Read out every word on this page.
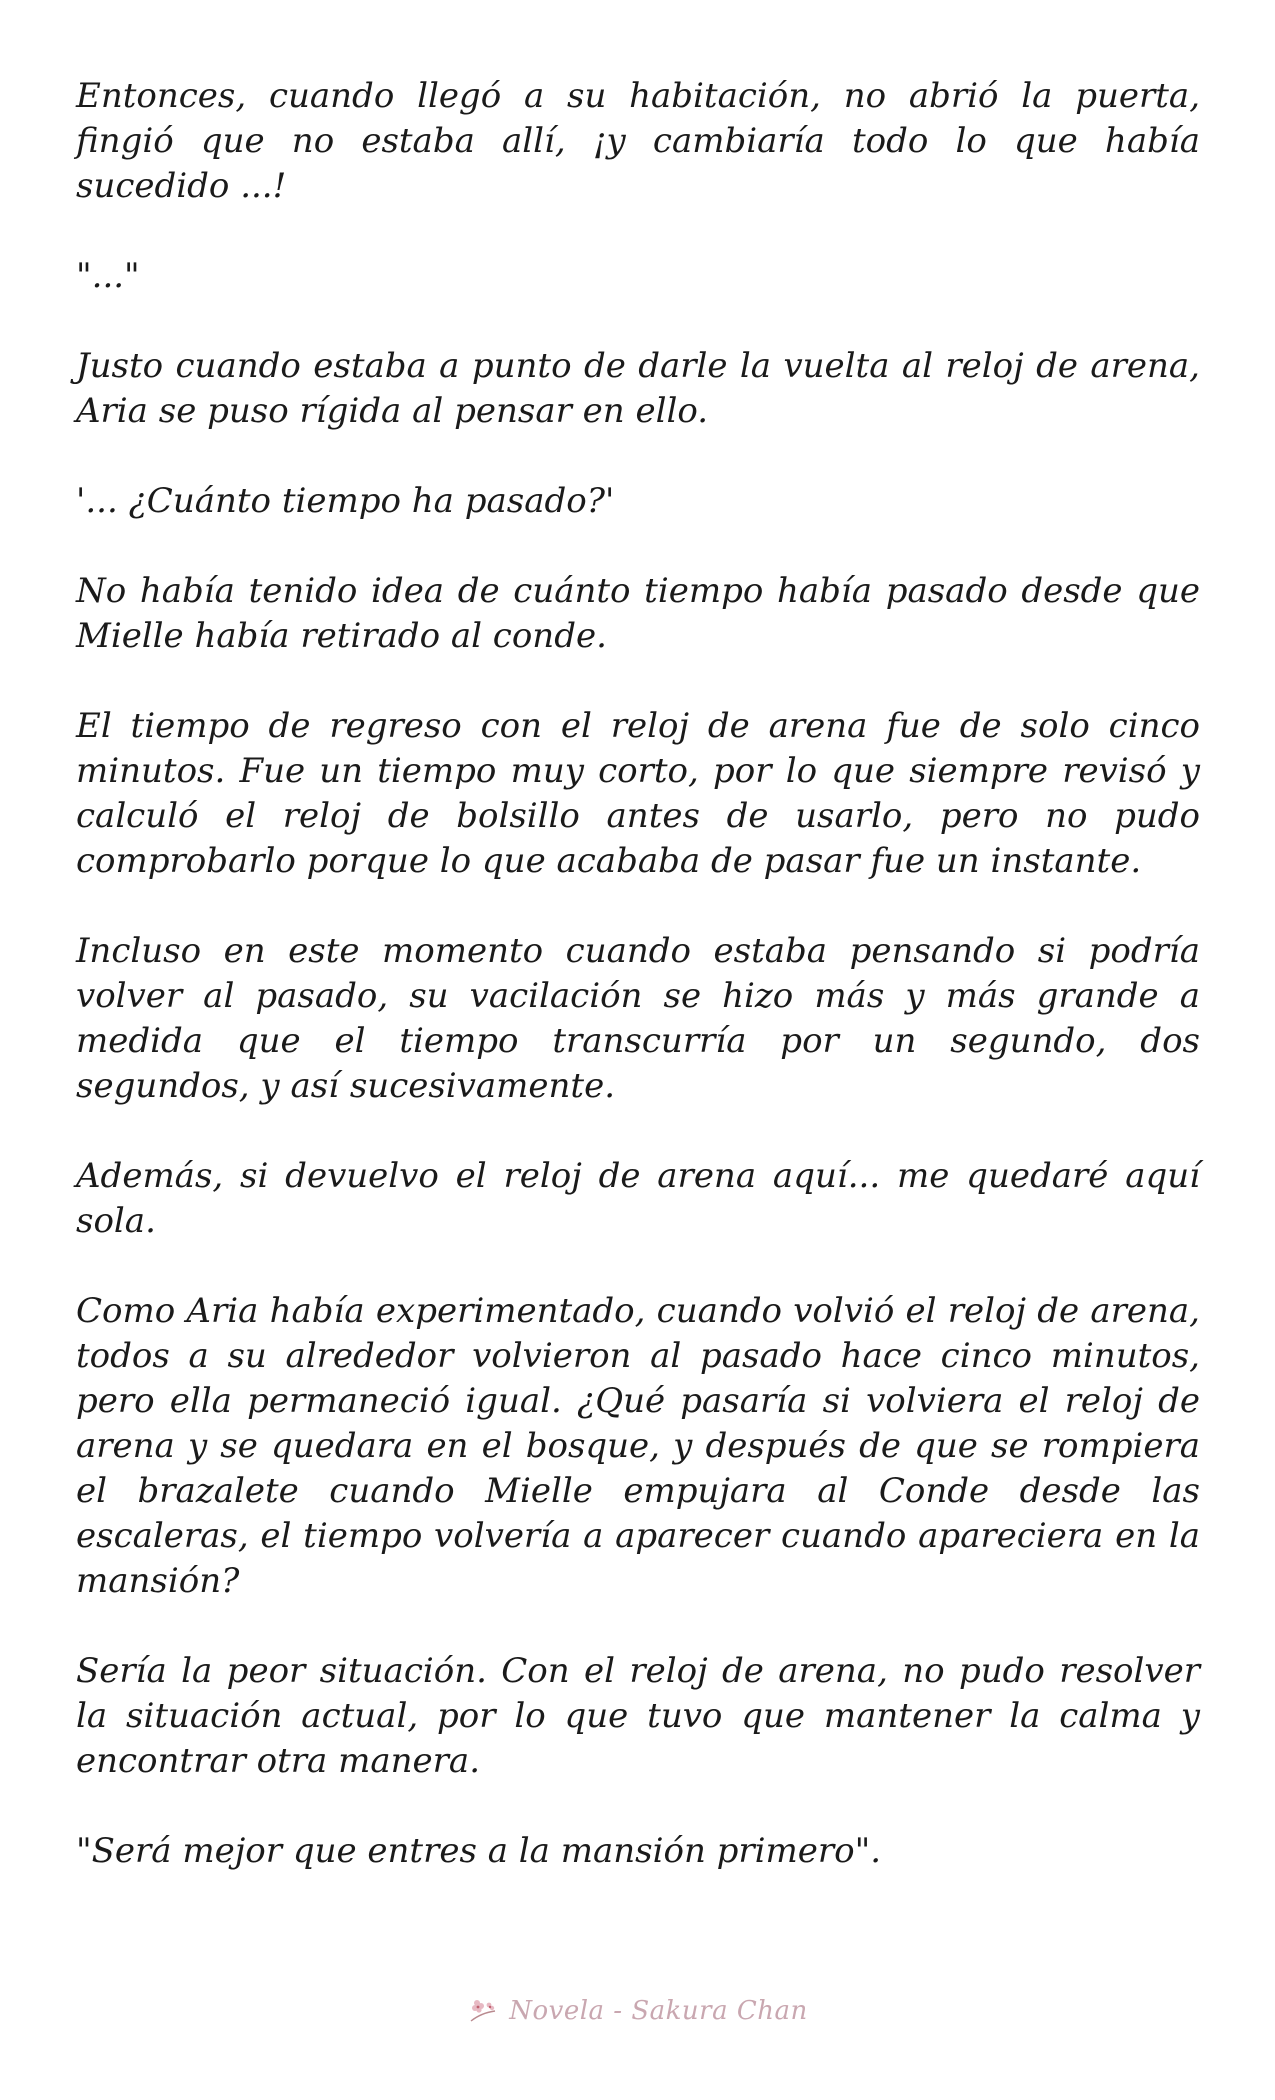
Entonces, cuando llegó a su habitación, no abrió la puerta, fingió que no estaba allí, ¡y cambiaría todo lo que había sucedido ...!

"..."

Justo cuando estaba a punto de darle la vuelta al reloj de arena, Aria se puso rígida al pensar en ello.

'... ¿Cuánto tiempo ha pasado?'

No había tenido idea de cuánto tiempo había pasado desde que Mielle había retirado al conde.

El tiempo de regreso con el reloj de arena fue de solo cinco minutos. Fue un tiempo muy corto, por lo que siempre revisó y calculó el reloj de bolsillo antes de usarlo, pero no pudo comprobarlo porque lo que acababa de pasar fue un instante.

Incluso en este momento cuando estaba pensando si podría volver al pasado, su vacilación se hizo más y más grande a medida que el tiempo transcurría por un segundo, dos segundos, y así sucesivamente.

Además, si devuelvo el reloj de arena aquí... me quedaré aquí sola.

Como Aria había experimentado, cuando volvió el reloj de arena, todos a su alrededor volvieron al pasado hace cinco minutos, pero ella permaneció igual. ¿Qué pasaría si volviera el reloj de arena y se quedara en el bosque, y después de que se rompiera el brazalete cuando Mielle empujara al Conde desde las escaleras, el tiempo volvería a aparecer cuando apareciera en la mansión?

Sería la peor situación. Con el reloj de arena, no pudo resolver la situación actual, por lo que tuvo que mantener la calma y encontrar otra manera.

"Será mejor que entres a la mansión primero".

Novela - Sakura Chan
